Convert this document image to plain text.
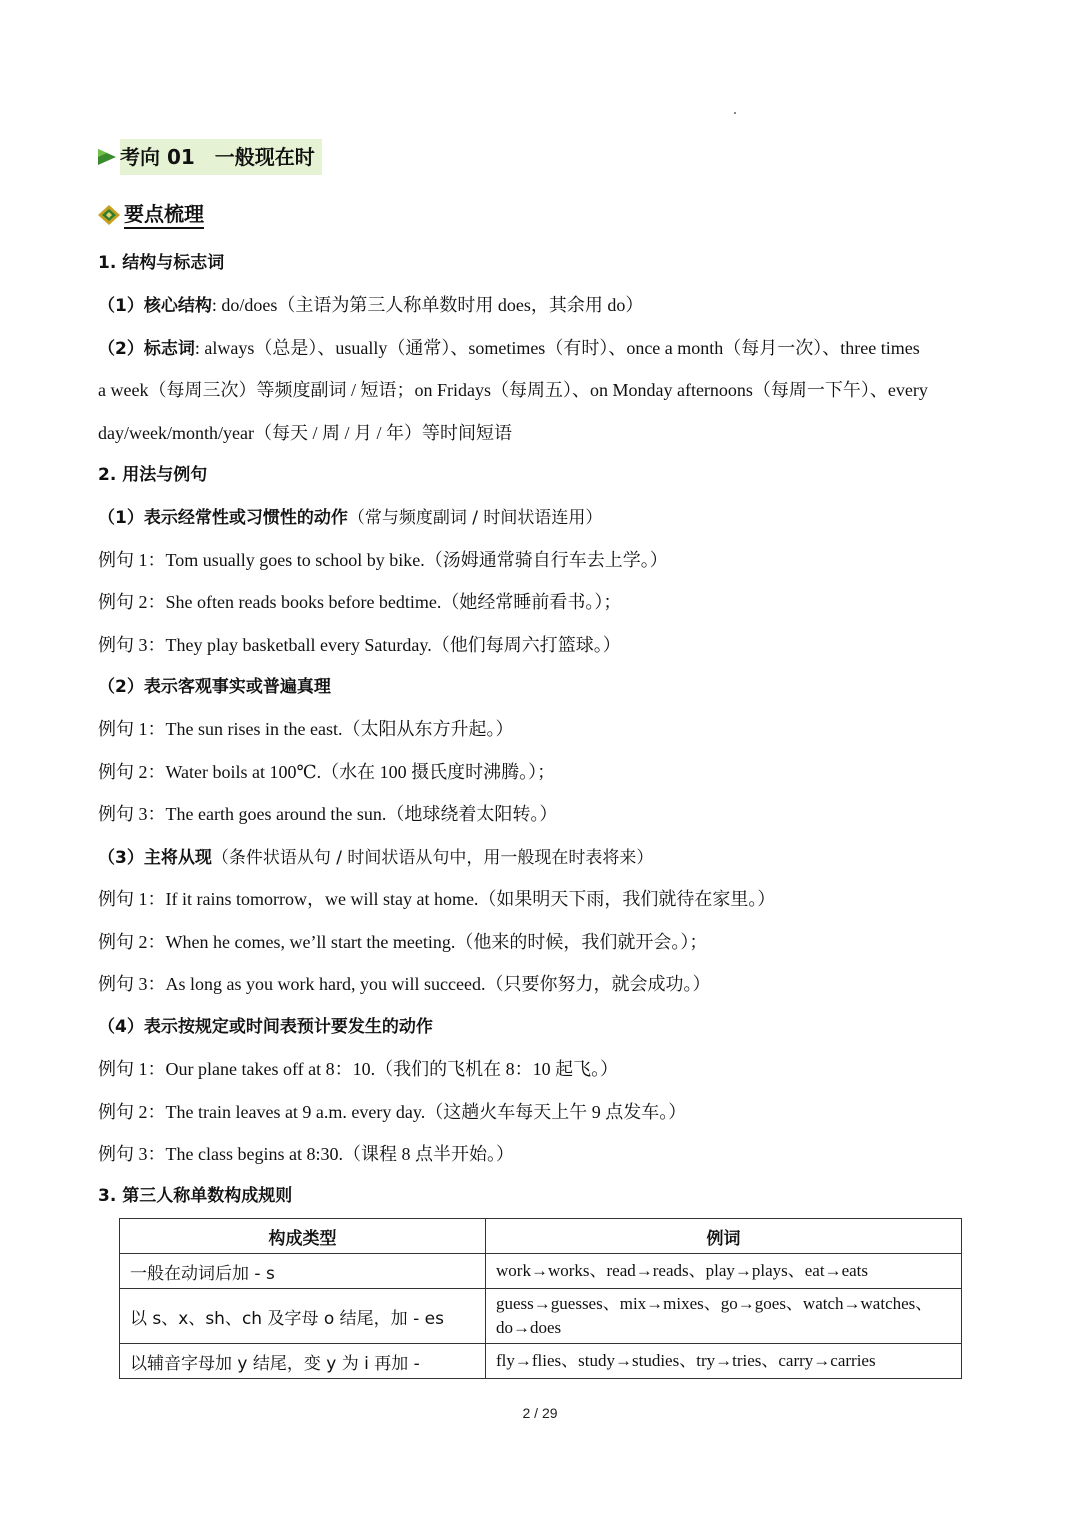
考向 01　一般现在时
要点梳理
1. 结构与标志词
（1）核心结构: do/does（主语为第三人称单数时用 does，其余用 do）
（2）标志词: always（总是）、usually（通常）、sometimes（有时）、once a month（每月一次）、three times
a week（每周三次）等频度副词 / 短语；on Fridays（每周五）、on Monday afternoons（每周一下午）、every
day/week/month/year（每天 / 周 / 月 / 年）等时间短语
2. 用法与例句
（1）表示经常性或习惯性的动作（常与频度副词 / 时间状语连用）
例句 1：Tom usually goes to school by bike.（汤姆通常骑自行车去上学。）
例句 2：She often reads books before bedtime.（她经常睡前看书。）；
例句 3：They play basketball every Saturday.（他们每周六打篮球。）
（2）表示客观事实或普遍真理
例句 1：The sun rises in the east.（太阳从东方升起。）
例句 2：Water boils at 100℃.（水在 100 摄氏度时沸腾。）；
例句 3：The earth goes around the sun.（地球绕着太阳转。）
（3）主将从现（条件状语从句 / 时间状语从句中，用一般现在时表将来）
例句 1：If it rains tomorrow，we will stay at home.（如果明天下雨，我们就待在家里。）
例句 2：When he comes, we’ll start the meeting.（他来的时候，我们就开会。）；
例句 3：As long as you work hard, you will succeed.（只要你努力，就会成功。）
（4）表示按规定或时间表预计要发生的动作
例句 1：Our plane takes off at 8：10.（我们的飞机在 8：10 起飞。）
例句 2：The train leaves at 9 a.m. every day.（这趟火车每天上午 9 点发车。）
例句 3：The class begins at 8:30.（课程 8 点半开始。）
3. 第三人称单数构成规则
构成类型	例词
一般在动词后加 - s	work→works、read→reads、play→plays、eat→eats
以 s、x、sh、ch 及字母 o 结尾，加 - es	guess→guesses、mix→mixes、go→goes、watch→watches、do→does
以辅音字母加 y 结尾，变 y 为 i 再加 -	fly→flies、study→studies、try→tries、carry→carries
2 / 29
